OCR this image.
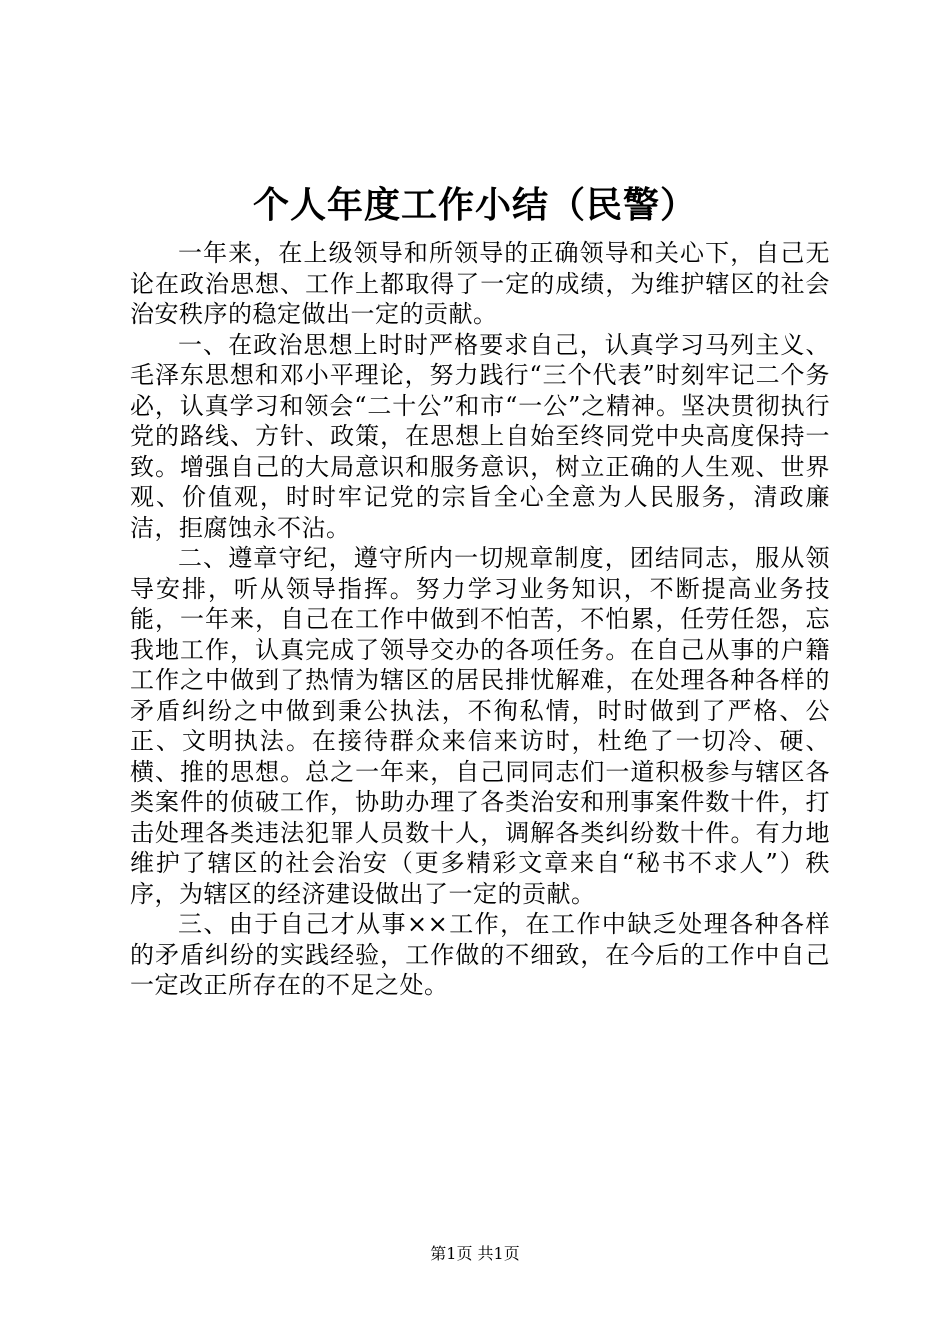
个人年度工作小结（民警）

一年来，在上级领导和所领导的正确领导和关心下，自己无论在政治思想、工作上都取得了一定的成绩，为维护辖区的社会治安秩序的稳定做出一定的贡献。

一、在政治思想上时时严格要求自己，认真学习马列主义、毛泽东思想和邓小平理论，努力践行“三个代表”时刻牢记二个务必，认真学习和领会“二十公”和市“一公”之精神。坚决贯彻执行党的路线、方针、政策，在思想上自始至终同党中央高度保持一致。增强自己的大局意识和服务意识，树立正确的人生观、世界观、价值观，时时牢记党的宗旨全心全意为人民服务，清政廉洁，拒腐蚀永不沾。

二、遵章守纪，遵守所内一切规章制度，团结同志，服从领导安排，听从领导指挥。努力学习业务知识，不断提高业务技能，一年来，自己在工作中做到不怕苦，不怕累，任劳任怨，忘我地工作，认真完成了领导交办的各项任务。在自己从事的户籍工作之中做到了热情为辖区的居民排忧解难，在处理各种各样的矛盾纠纷之中做到秉公执法，不徇私情，时时做到了严格、公正、文明执法。在接待群众来信来访时，杜绝了一切冷、硬、横、推的思想。总之一年来，自己同同志们一道积极参与辖区各类案件的侦破工作，协助办理了各类治安和刑事案件数十件，打击处理各类违法犯罪人员数十人，调解各类纠纷数十件。有力地维护了辖区的社会治安（更多精彩文章来自“秘书不求人”）秩序，为辖区的经济建设做出了一定的贡献。

三、由于自己才从事××工作，在工作中缺乏处理各种各样的矛盾纠纷的实践经验，工作做的不细致，在今后的工作中自己一定改正所存在的不足之处。

第1页 共1页
